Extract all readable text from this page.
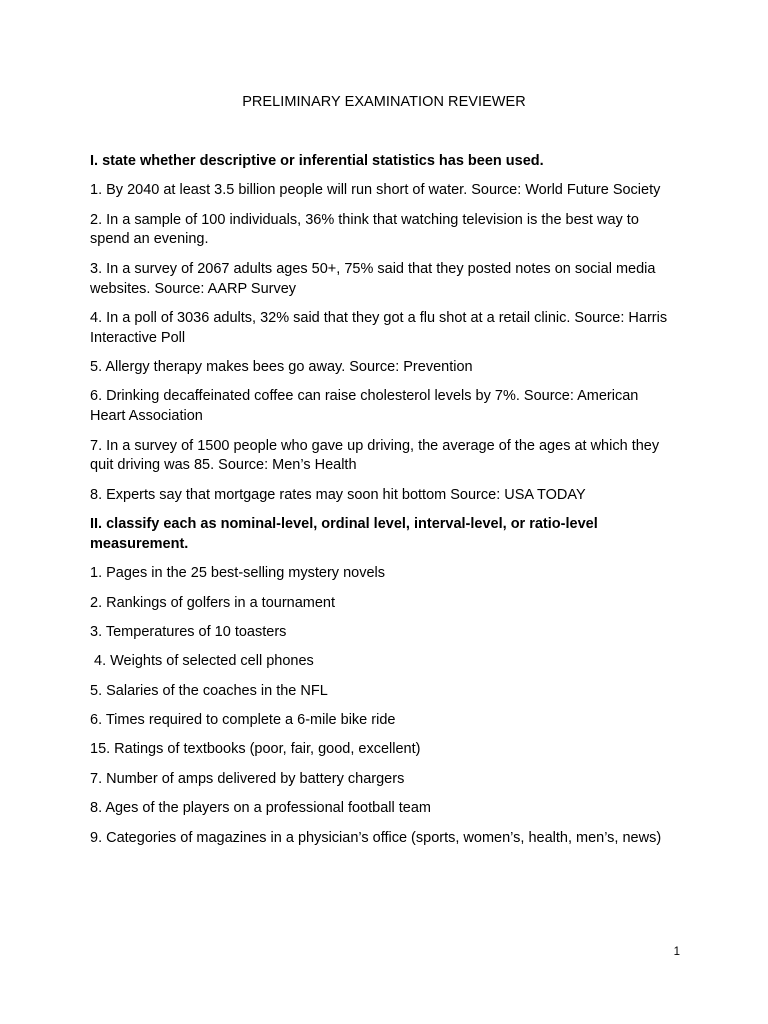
PRELIMINARY EXAMINATION REVIEWER

I. state whether descriptive or inferential statistics has been used.

1. By 2040 at least 3.5 billion people will run short of water. Source: World Future Society

2. In a sample of 100 individuals, 36% think that watching television is the best way to spend an evening.

3. In a survey of 2067 adults ages 50+, 75% said that they posted notes on social media websites. Source: AARP Survey

4. In a poll of 3036 adults, 32% said that they got a flu shot at a retail clinic. Source: Harris Interactive Poll

5. Allergy therapy makes bees go away. Source: Prevention

6. Drinking decaffeinated coffee can raise cholesterol levels by 7%. Source: American Heart Association

7. In a survey of 1500 people who gave up driving, the average of the ages at which they quit driving was 85. Source: Men’s Health

8. Experts say that mortgage rates may soon hit bottom Source: USA TODAY

II. classify each as nominal-level, ordinal level, interval-level, or ratio-level measurement.

1. Pages in the 25 best-selling mystery novels

2. Rankings of golfers in a tournament

3. Temperatures of 10 toasters

4. Weights of selected cell phones

5. Salaries of the coaches in the NFL

6. Times required to complete a 6-mile bike ride

15. Ratings of textbooks (poor, fair, good, excellent)

7. Number of amps delivered by battery chargers

8. Ages of the players on a professional football team

9. Categories of magazines in a physician’s office (sports, women’s, health, men’s, news)

1
